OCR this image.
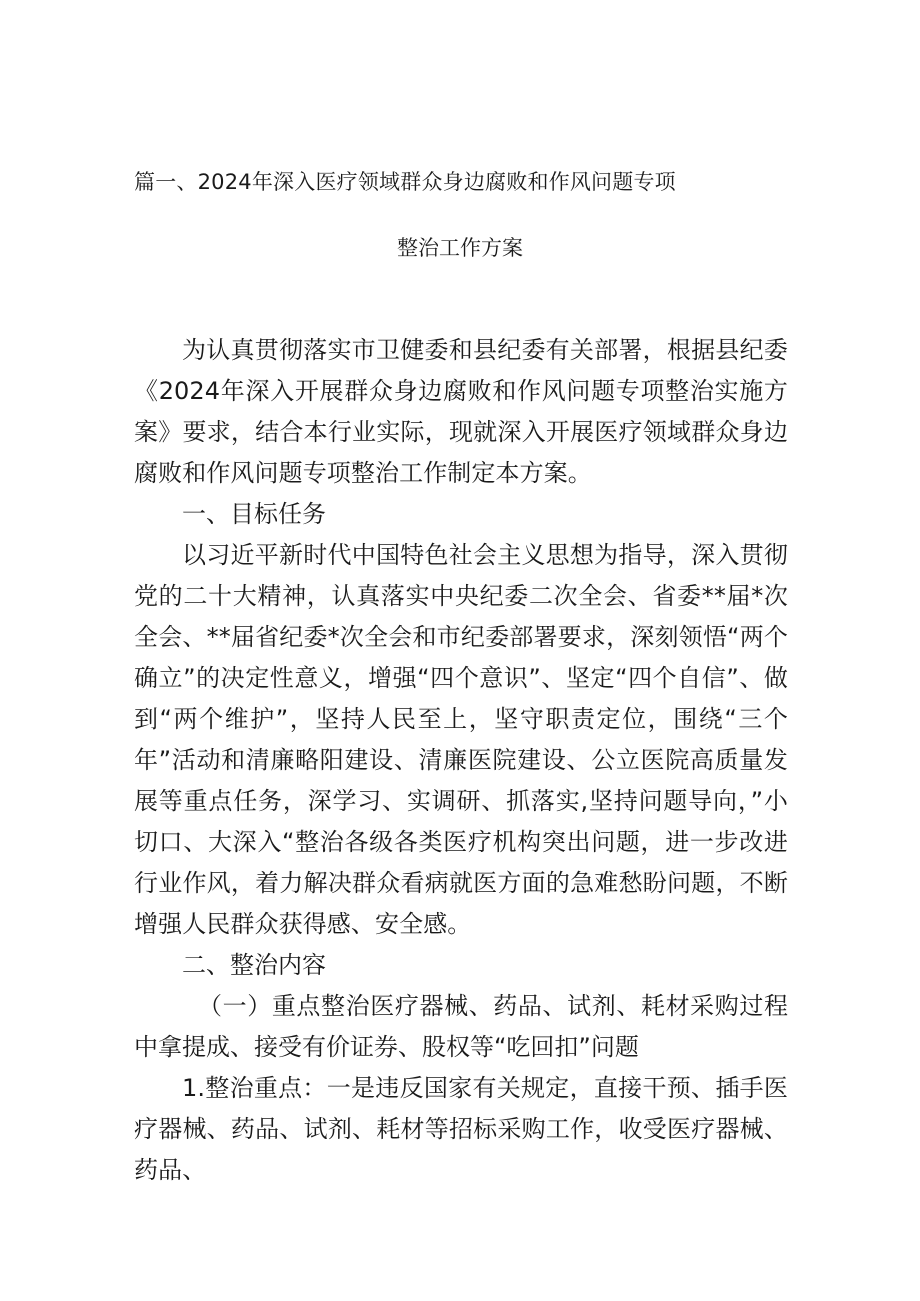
篇一、2024年深入医疗领域群众身边腐败和作风问题专项
整治工作方案

为认真贯彻落实市卫健委和县纪委有关部署，根据县纪委《2024年深入开展群众身边腐败和作风问题专项整治实施方案》要求，结合本行业实际，现就深入开展医疗领域群众身边腐败和作风问题专项整治工作制定本方案。

一、目标任务

以习近平新时代中国特色社会主义思想为指导，深入贯彻党的二十大精神，认真落实中央纪委二次全会、省委**届*次全会、**届省纪委*次全会和市纪委部署要求，深刻领悟“两个确立”的决定性意义，增强“四个意识”、坚定“四个自信”、做到“两个维护”，坚持人民至上，坚守职责定位，围绕“三个年”活动和清廉略阳建设、清廉医院建设、公立医院高质量发展等重点任务，深学习、实调研、抓落实,坚持问题导向，”小切口、大深入“整治各级各类医疗机构突出问题，进一步改进行业作风，着力解决群众看病就医方面的急难愁盼问题，不断增强人民群众获得感、安全感。

二、整治内容

（一）重点整治医疗器械、药品、试剂、耗材采购过程中拿提成、接受有价证券、股权等“吃回扣”问题

1.整治重点：一是违反国家有关规定，直接干预、插手医疗器械、药品、试剂、耗材等招标采购工作，收受医疗器械、药品、
